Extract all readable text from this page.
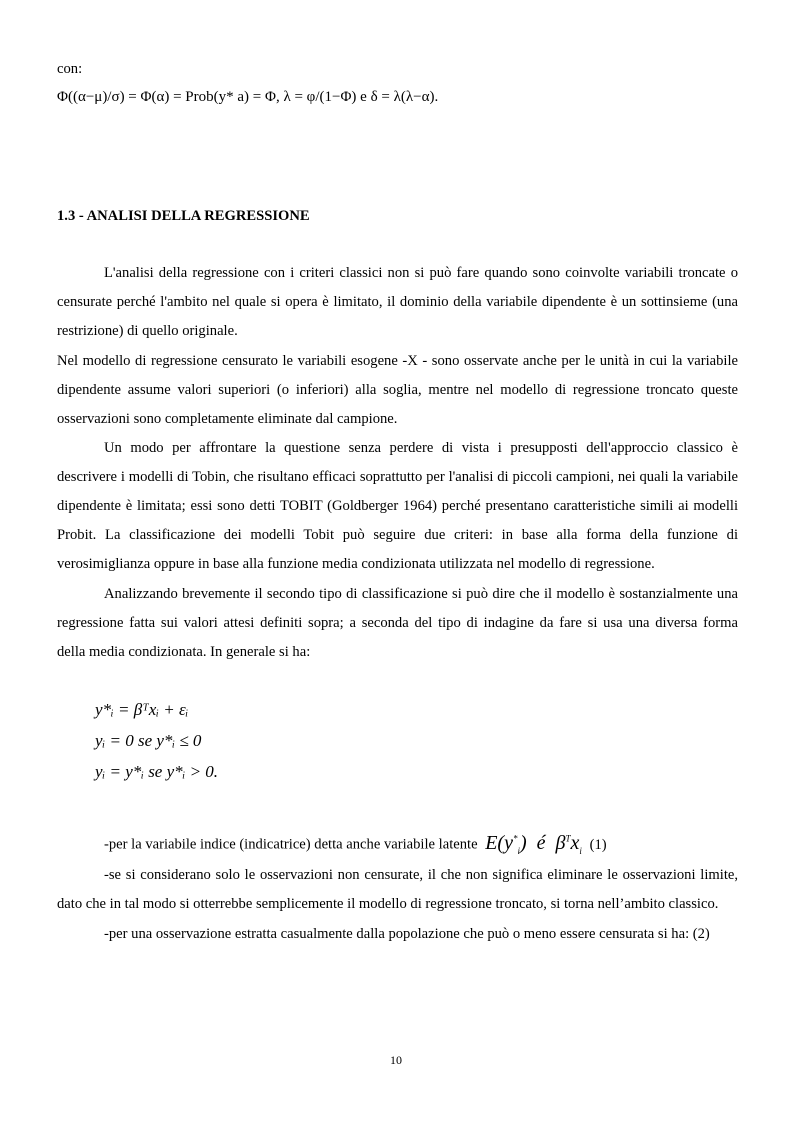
con:
Φ((α−μ)/σ) = Φ(α) = Prob(y* a) = Φ, λ = φ/(1−Φ) e δ = λ(λ−α).
1.3 - ANALISI DELLA REGRESSIONE
L'analisi della regressione con i criteri classici non si può fare quando sono coinvolte variabili troncate o
censurate perché l'ambito nel quale si opera è limitato, il dominio della variabile dipendente è un sottinsieme (una
restrizione) di quello originale.
Nel modello di regressione censurato le variabili esogene -X - sono osservate anche per le unità in cui la variabile
dipendente assume valori superiori (o inferiori) alla soglia, mentre nel modello di regressione troncato queste
osservazioni sono completamente eliminate dal campione.
Un modo per affrontare la questione senza perdere di vista i presupposti dell'approccio classico è
descrivere i modelli di Tobin, che risultano efficaci soprattutto per l'analisi di piccoli campioni, nei quali la variabile
dipendente è limitata; essi sono detti TOBIT (Goldberger 1964) perché presentano caratteristiche simili ai modelli
Probit. La classificazione dei modelli Tobit può seguire due criteri: in base alla forma della funzione di
verosimiglianza oppure in base alla funzione media condizionata utilizzata nel modello di regressione.
Analizzando brevemente il secondo tipo di classificazione si può dire che il modello è sostanzialmente una
regressione fatta sui valori attesi definiti sopra; a seconda del tipo di indagine da fare si usa una diversa forma
della media condizionata. In generale si ha:
y*ᵢ = βᵀxᵢ + εᵢ
yᵢ = 0 se y*ᵢ ≤ 0
yᵢ = y*ᵢ se y*ᵢ > 0.
-per la variabile indice (indicatrice) detta anche variabile latente $E(y^*_i)$  é  $\beta^Tx_i$ (1)
-se si considerano solo le osservazioni non censurate, il che non significa eliminare le osservazioni limite,
dato che in tal modo si otterrebbe semplicemente il modello di regressione troncato, si torna nell’ambito classico.
-per una osservazione estratta casualmente dalla popolazione che può o meno essere censurata si ha: (2)
10
